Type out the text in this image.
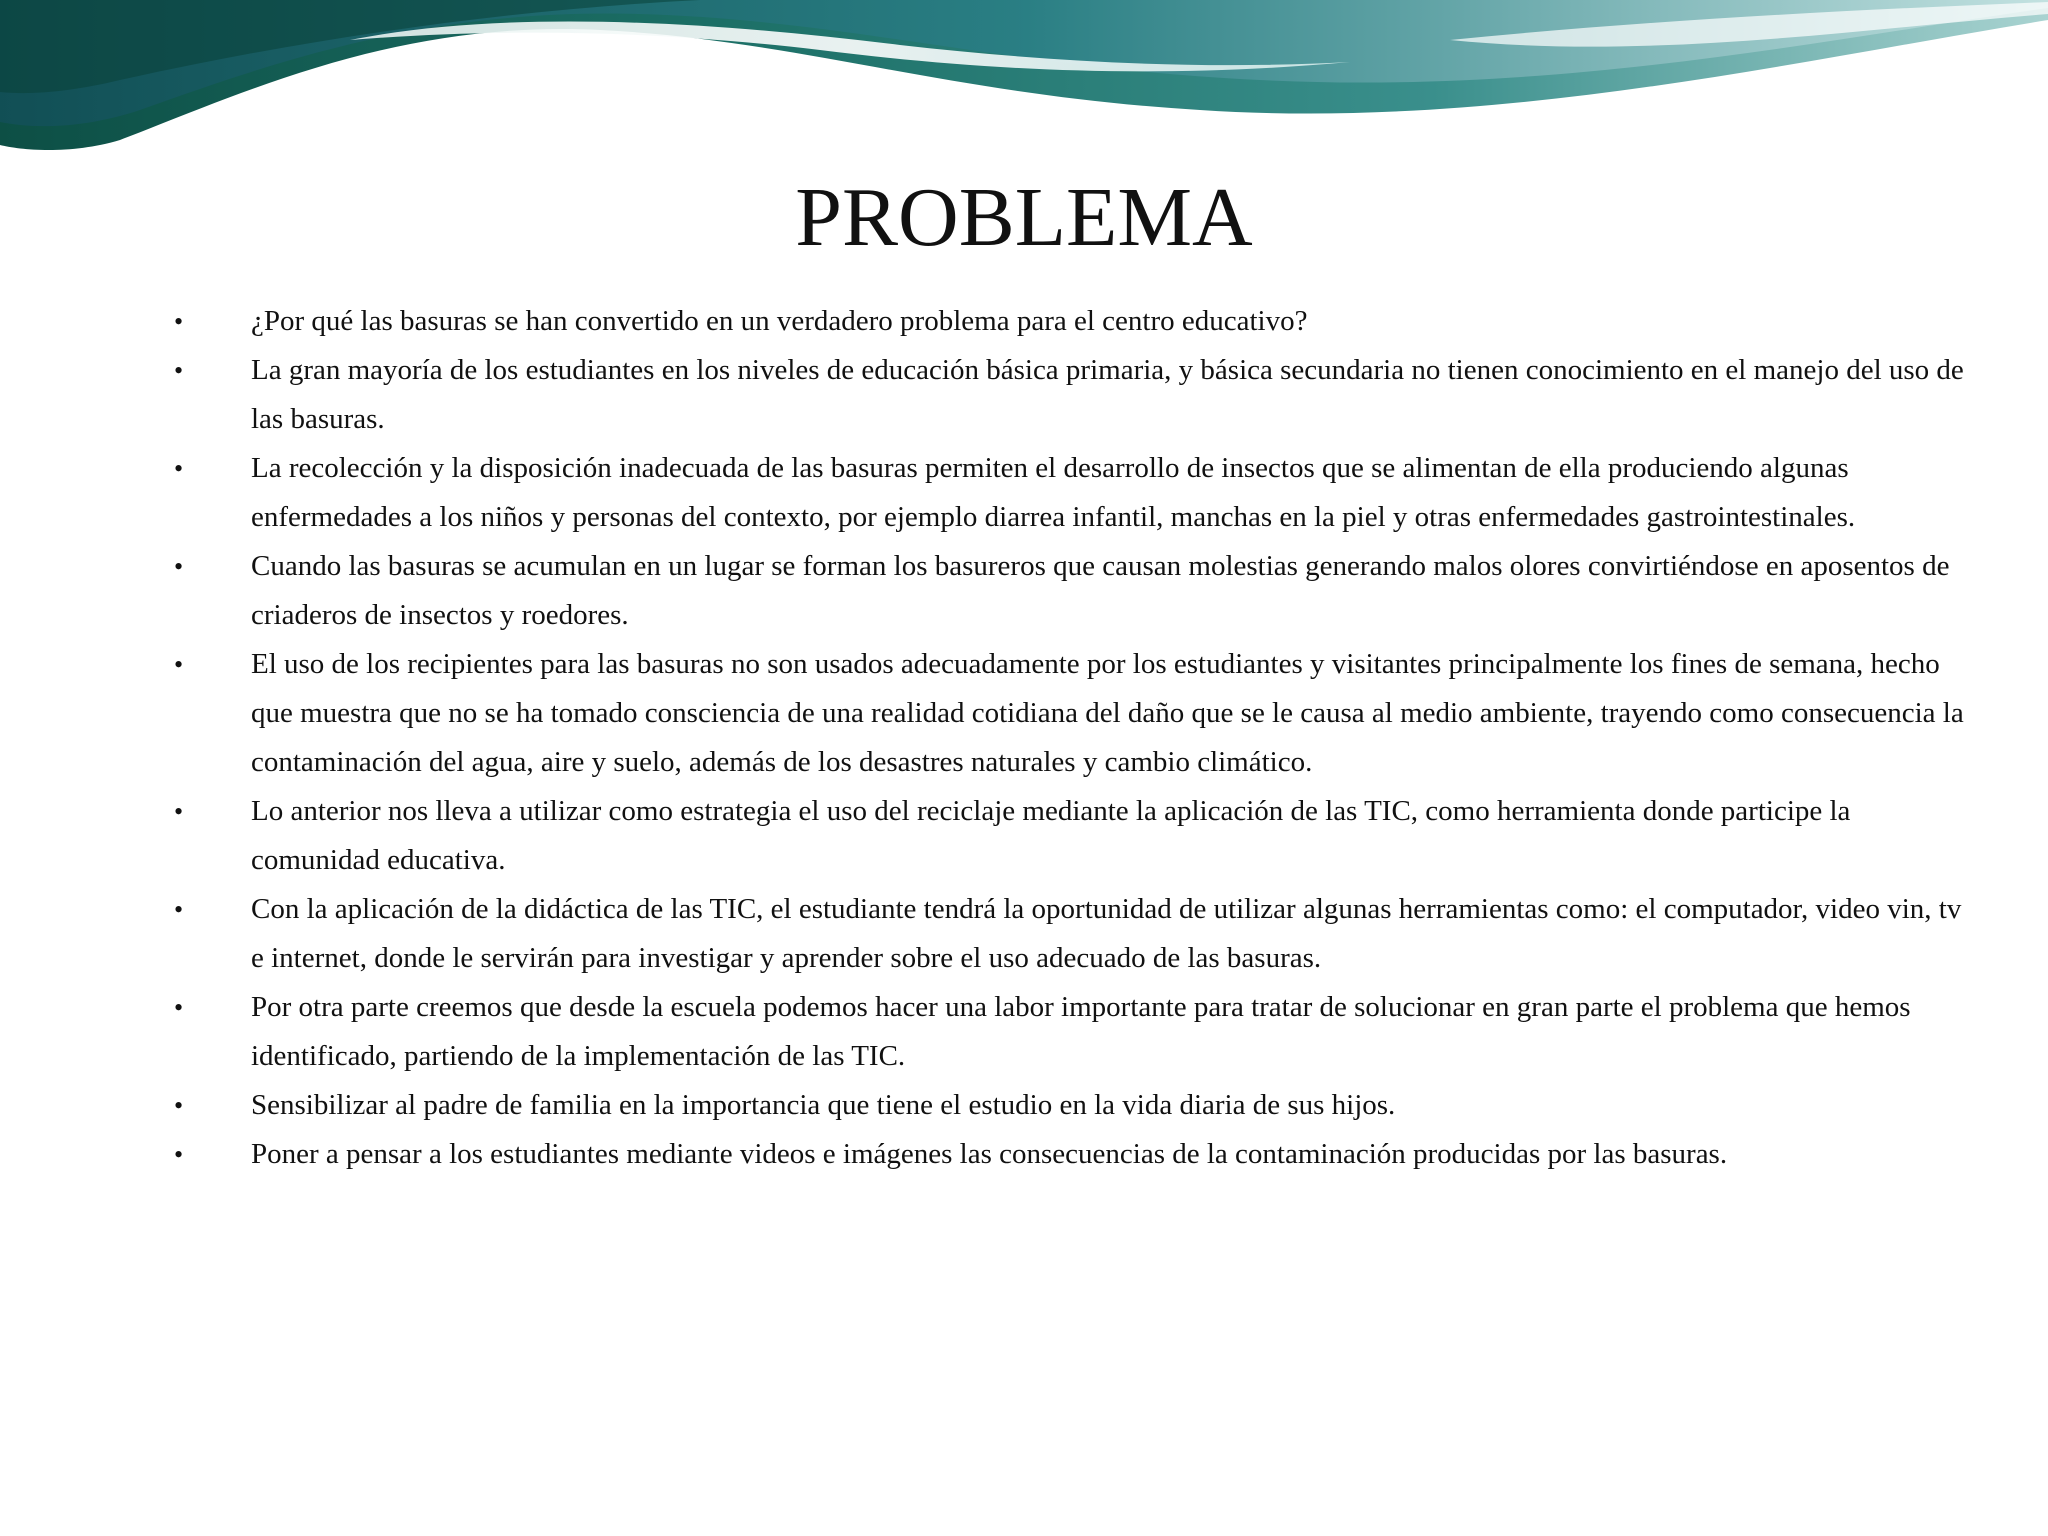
PROBLEMA
• ¿Por qué las basuras se han convertido en un verdadero problema para el centro educativo?
• La gran mayoría de los estudiantes en los niveles de educación básica primaria, y básica secundaria no tienen conocimiento en el manejo del uso de las basuras.
• La recolección y la disposición inadecuada de las basuras permiten el desarrollo de insectos que se alimentan de ella produciendo algunas enfermedades a los niños y personas del contexto, por ejemplo diarrea infantil, manchas en la piel y otras enfermedades gastrointestinales.
• Cuando las basuras se acumulan en un lugar se forman los basureros que causan molestias generando malos olores convirtiéndose en aposentos de criaderos de insectos y roedores.
• El uso de los recipientes para las basuras no son usados adecuadamente por los estudiantes y visitantes principalmente los fines de semana, hecho que muestra que no se ha tomado consciencia de una realidad cotidiana del daño que se le causa al medio ambiente, trayendo como consecuencia la contaminación del agua, aire y suelo, además de los desastres naturales y cambio climático.
• Lo anterior nos lleva a utilizar como estrategia el uso del reciclaje mediante la aplicación de las TIC, como herramienta donde participe la comunidad educativa.
• Con la aplicación de la didáctica de las TIC, el estudiante tendrá la oportunidad de utilizar algunas herramientas como: el computador, video vin, tv e internet, donde le servirán para investigar y aprender sobre el uso adecuado de las basuras.
• Por otra parte creemos que desde la escuela podemos hacer una labor importante para tratar de solucionar en gran parte el problema que hemos identificado, partiendo de la implementación de las TIC.
• Sensibilizar al padre de familia en la importancia que tiene el estudio en la vida diaria de sus hijos.
• Poner a pensar a los estudiantes mediante videos e imágenes las consecuencias de la contaminación producidas por las basuras.
